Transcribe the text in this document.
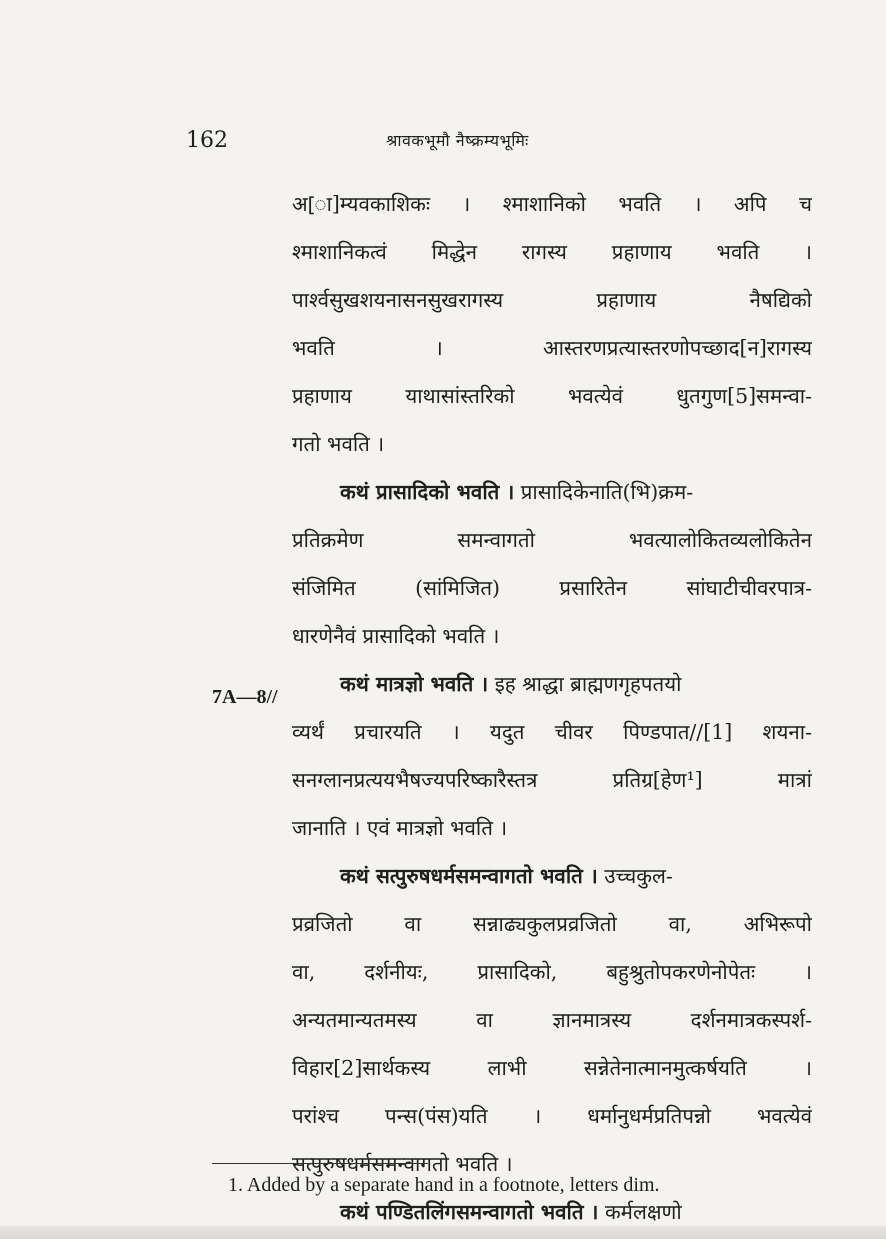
162	श्रावकभूमौ नैष्क्रम्यभूमिः
अ[ा]म्यवकाशिकः । श्माशानिको भवति । अपि च
श्माशानिकत्वं मिद्धेन रागस्य प्रहाणाय भवति ।
पार्श्वसुखशयनासनसुखरागस्य प्रहाणाय नैषद्यिको
भवति । आस्तरणप्रत्यास्तरणोपच्छाद[न]रागस्य
प्रहाणाय याथासांस्तरिको भवत्येवं धुतगुण[5]समन्वा-
गतो भवति ।
कथं प्रासादिको भवति । प्रासादिकेनाति(भि)क्रम-
प्रतिक्रमेण समन्वागतो भवत्यालोकितव्यलोकितेन
संजिमित (सांमिजित) प्रसारितेन सांघाटीचीवरपात्र-
धारणेनैवं प्रासादिको भवति ।
कथं मात्रज्ञो भवति । इह श्राद्धा ब्राह्मणगृहपतयो
व्यर्थं प्रचारयति । यदुत चीवर पिण्डपात//[1] शयना-
सनग्लानप्रत्ययभैषज्यपरिष्कारैस्तत्र प्रतिग्र[हेण¹] मात्रां
जानाति । एवं मात्रज्ञो भवति ।
कथं सत्पुरुषधर्मसमन्वागतो भवति । उच्चकुल-
प्रव्रजितो वा सन्नाढ्यकुलप्रव्रजितो वा, अभिरूपो
वा, दर्शनीयः, प्रासादिको, बहुश्रुतोपकरणेनोपेतः ।
अन्यतमान्यतमस्य वा ज्ञानमात्रस्य दर्शनमात्रकस्पर्श-
विहार[2]सार्थकस्य लाभी सन्नेतेनात्मानमुत्कर्षयति ।
परांश्च पन्स(पंस)यति । धर्मानुधर्मप्रतिपन्नो भवत्येवं
सत्पुरुषधर्मसमन्वागतो भवति ।
कथं पण्डितलिंगसमन्वागतो भवति । कर्मलक्षणो
7A—8//
1. Added by a separate hand in a footnote, letters dim.
